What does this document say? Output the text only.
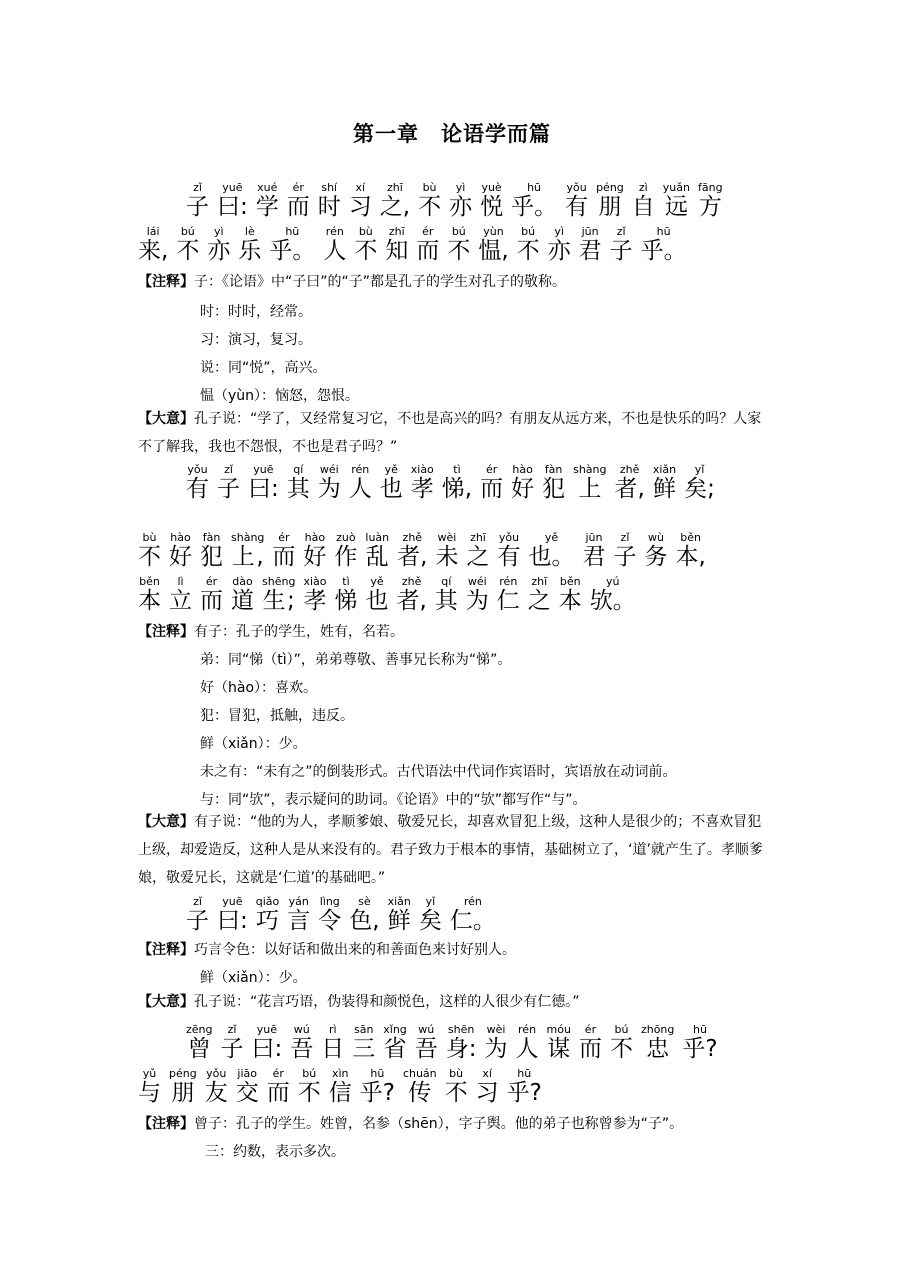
第一章　论语学而篇
子zǐ
曰:yuē
学xué
而ér
时shí
习xí
之,zhī
不bù
亦yì
悦yuè
乎。hū
有yǒu
朋péng
自zì
远yuǎn
方fāng
来,lái
不bú
亦yì
乐lè
乎。hū
人rén
不bù
知zhī
而ér
不bú
愠,yùn
不bú
亦yì
君jūn
子zǐ
乎。hū
【注释】子：《论语》中“子曰”的“子”都是孔子的学生对孔子的敬称。
时：时时，经常。
习：演习，复习。
说：同“悦”，高兴。
愠（yùn）：恼怒，怨恨。
【大意】孔子说：“学了，又经常复习它，不也是高兴的吗？有朋友从远方来，不也是快乐的吗？人家不了解我，我也不怨恨，不也是君子吗？”
有yǒu
子zǐ
曰:yuē
其qí
为wéi
人rén
也yě
孝xiào
悌,tì
而ér
好hào
犯fàn
上shàng
者,zhě
鲜xiǎn
矣;yǐ
不bù
好hào
犯fàn
上,shàng
而ér
好hào
作zuò
乱luàn
者,zhě
未wèi
之zhī
有yǒu
也。yě
君jūn
子zǐ
务wù
本,běn
本běn
立lì
而ér
道dào
生;shēng
孝xiào
悌tì
也yě
者,zhě
其qí
为wéi
仁rén
之zhī
本běn
欤。yú
【注释】有子：孔子的学生，姓有，名若。
弟：同“悌（tì）”，弟弟尊敬、善事兄长称为“悌”。
好（hào）：喜欢。
犯：冒犯，抵触，违反。
鲜（xiǎn）：少。
未之有：“未有之”的倒装形式。古代语法中代词作宾语时，宾语放在动词前。
与：同“欤”，表示疑问的助词。《论语》中的“欤”都写作“与”。
【大意】有子说：“他的为人，孝顺爹娘、敬爱兄长，却喜欢冒犯上级，这种人是很少的；不喜欢冒犯上级，却爱造反，这种人是从来没有的。君子致力于根本的事情，基础树立了，‘道’就产生了。孝顺爹娘，敬爱兄长，这就是‘仁道’的基础吧。”
子zǐ
曰:yuē
巧qiǎo
言yán
令lìng
色,sè
鲜xiǎn
矣yǐ
仁。rén
【注释】巧言令色：以好话和做出来的和善面色来讨好别人。
鲜（xiǎn）：少。
【大意】孔子说：“花言巧语，伪装得和颜悦色，这样的人很少有仁德。”
曾zēng
子zǐ
曰:yuē
吾wú
日rì
三sān
省xǐng
吾wú
身:shēn
为wèi
人rén
谋móu
而ér
不bú
忠zhōng
乎?hū
与yǔ
朋péng
友yǒu
交jiāo
而ér
不bú
信xìn
乎?hū
传chuán
不bù
习xí
乎?hū
【注释】曾子：孔子的学生。姓曾，名参（shēn），字子舆。他的弟子也称曾参为“子”。
三：约数，表示多次。
